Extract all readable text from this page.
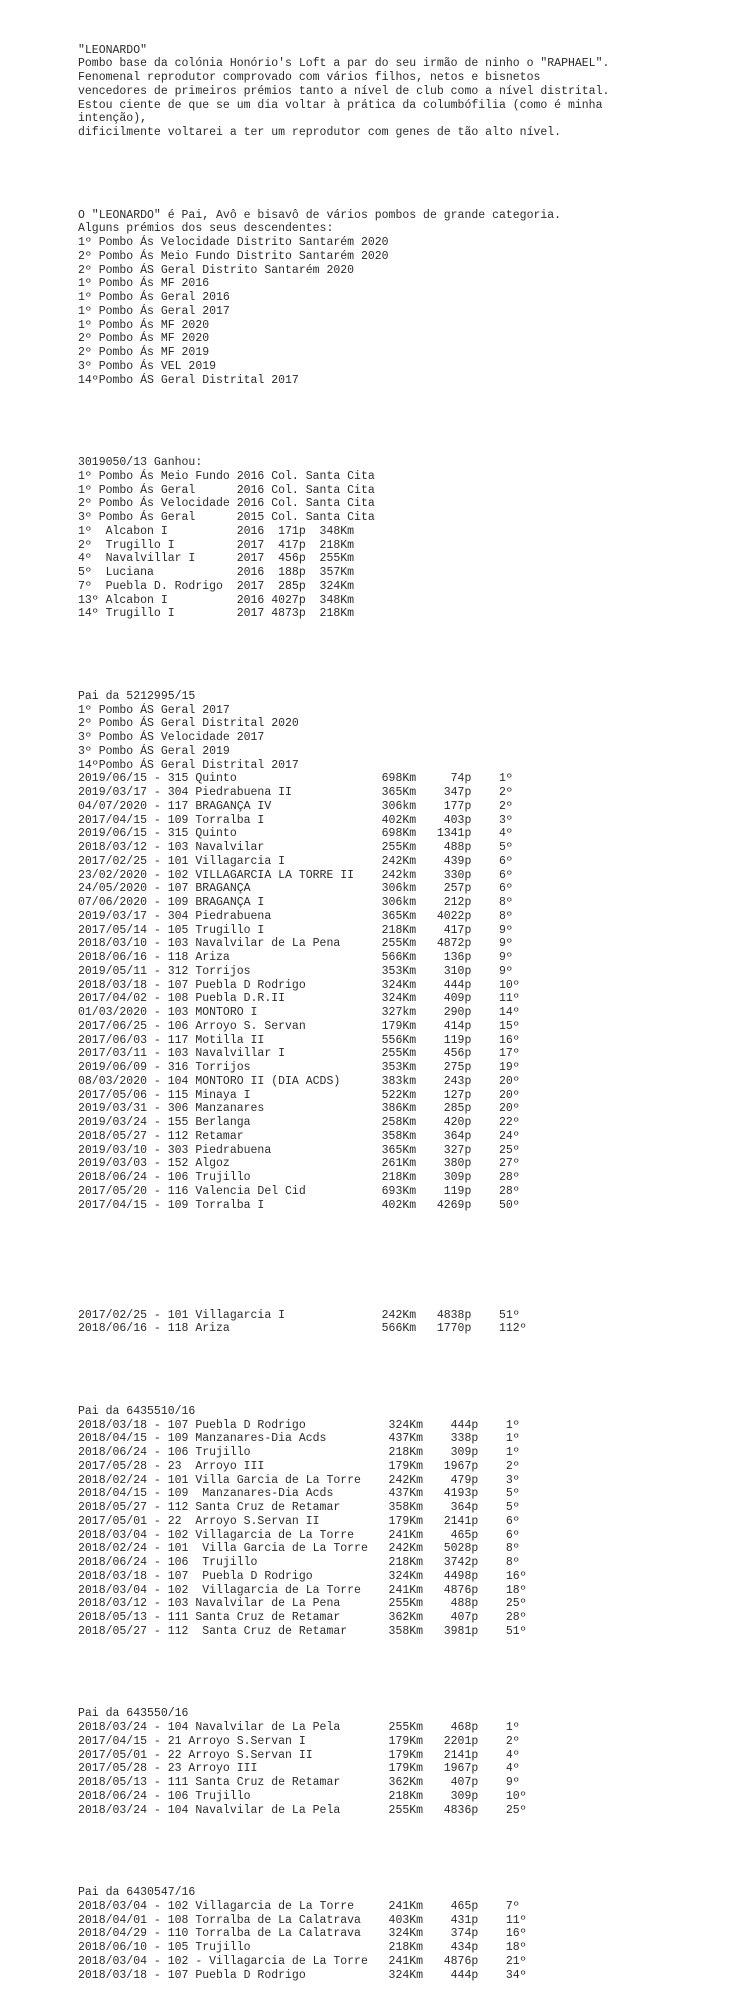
"LEONARDO"
Pombo base da colónia Honório's Loft a par do seu irmão de ninho o "RAPHAEL".
Fenomenal reprodutor comprovado com vários filhos, netos e bisnetos
vencedores de primeiros prémios tanto a nível de club como a nível distrital.
Estou ciente de que se um dia voltar à prática da columbófilia (como é minha
intenção),
dificilmente voltarei a ter um reprodutor com genes de tão alto nível.

O "LEONARDO" é Pai, Avô e bisavô de vários pombos de grande categoria.
Alguns prémios dos seus descendentes:
1º Pombo Ás Velocidade Distrito Santarém 2020
2º Pombo Ás Meio Fundo Distrito Santarém 2020
2º Pombo ÁS Geral Distrito Santarém 2020
1º Pombo Ás MF 2016
1º Pombo Ás Geral 2016
1º Pombo Ás Geral 2017
1º Pombo Ás MF 2020
2º Pombo Ás MF 2020
2º Pombo Ás MF 2019
3º Pombo Ás VEL 2019
14ºPombo ÁS Geral Distrital 2017

3019050/13 Ganhou:
1º Pombo Ás Meio Fundo 2016 Col. Santa Cita
1º Pombo Ás Geral      2016 Col. Santa Cita
2º Pombo Ás Velocidade 2016 Col. Santa Cita
3º Pombo Ás Geral      2015 Col. Santa Cita
1º  Alcabon I          2016  171p  348Km
2º  Trugillo I         2017  417p  218Km
4º  Navalvillar I      2017  456p  255Km
5º  Luciana            2016  188p  357Km
7º  Puebla D. Rodrigo  2017  285p  324Km
13º Alcabon I          2016 4027p  348Km
14º Trugillo I         2017 4873p  218Km

Pai da 5212995/15
1º Pombo ÁS Geral 2017
2º Pombo ÁS Geral Distrital 2020
3º Pombo ÁS Velocidade 2017
3º Pombo ÁS Geral 2019
14ºPombo ÁS Geral Distrital 2017
2019/06/15 - 315 Quinto                     698Km     74p    1º
2019/03/17 - 304 Piedrabuena II             365Km    347p    2º
04/07/2020 - 117 BRAGANÇA IV                306km    177p    2º
2017/04/15 - 109 Torralba I                 402Km    403p    3º
2019/06/15 - 315 Quinto                     698Km   1341p    4º
2018/03/12 - 103 Navalvilar                 255Km    488p    5º
2017/02/25 - 101 Villagarcia I              242Km    439p    6º
23/02/2020 - 102 VILLAGARCIA LA TORRE II    242km    330p    6º
24/05/2020 - 107 BRAGANÇA                   306km    257p    6º
07/06/2020 - 109 BRAGANÇA I                 306km    212p    8º
2019/03/17 - 304 Piedrabuena                365Km   4022p    8º
2017/05/14 - 105 Trugillo I                 218Km    417p    9º
2018/03/10 - 103 Navalvilar de La Pena      255Km   4872p    9º
2018/06/16 - 118 Ariza                      566Km    136p    9º
2019/05/11 - 312 Torrijos                   353Km    310p    9º
2018/03/18 - 107 Puebla D Rodrigo           324Km    444p    10º
2017/04/02 - 108 Puebla D.R.II              324Km    409p    11º
01/03/2020 - 103 MONTORO I                  327km    290p    14º
2017/06/25 - 106 Arroyo S. Servan           179Km    414p    15º
2017/06/03 - 117 Motilla II                 556Km    119p    16º
2017/03/11 - 103 Navalvillar I              255Km    456p    17º
2019/06/09 - 316 Torrijos                   353Km    275p    19º
08/03/2020 - 104 MONTORO II (DIA ACDS)      383km    243p    20º
2017/05/06 - 115 Minaya I                   522Km    127p    20º
2019/03/31 - 306 Manzanares                 386Km    285p    20º
2019/03/24 - 155 Berlanga                   258Km    420p    22º
2018/05/27 - 112 Retamar                    358Km    364p    24º
2019/03/10 - 303 Piedrabuena                365Km    327p    25º
2019/03/03 - 152 Algoz                      261Km    380p    27º
2018/06/24 - 106 Trujillo                   218Km    309p    28º
2017/05/20 - 116 Valencia Del Cid           693Km    119p    28º
2017/04/15 - 109 Torralba I                 402Km   4269p    50º

2017/02/25 - 101 Villagarcia I              242Km   4838p    51º
2018/06/16 - 118 Ariza                      566Km   1770p    112º

Pai da 6435510/16
2018/03/18 - 107 Puebla D Rodrigo            324Km    444p    1º
2018/04/15 - 109 Manzanares-Dia Acds         437Km    338p    1º
2018/06/24 - 106 Trujillo                    218Km    309p    1º
2017/05/28 - 23  Arroyo III                  179Km   1967p    2º
2018/02/24 - 101 Villa Garcia de La Torre    242Km    479p    3º
2018/04/15 - 109  Manzanares-Dia Acds        437Km   4193p    5º
2018/05/27 - 112 Santa Cruz de Retamar       358Km    364p    5º
2017/05/01 - 22  Arroyo S.Servan II          179Km   2141p    6º
2018/03/04 - 102 Villagarcia de La Torre     241Km    465p    6º
2018/02/24 - 101  Villa Garcia de La Torre   242Km   5028p    8º
2018/06/24 - 106  Trujillo                   218Km   3742p    8º
2018/03/18 - 107  Puebla D Rodrigo           324Km   4498p    16º
2018/03/04 - 102  Villagarcia de La Torre    241Km   4876p    18º
2018/03/12 - 103 Navalvilar de La Pena       255Km    488p    25º
2018/05/13 - 111 Santa Cruz de Retamar       362Km    407p    28º
2018/05/27 - 112  Santa Cruz de Retamar      358Km   3981p    51º

Pai da 643550/16
2018/03/24 - 104 Navalvilar de La Pela       255Km    468p    1º
2017/04/15 - 21 Arroyo S.Servan I            179Km   2201p    2º
2017/05/01 - 22 Arroyo S.Servan II           179Km   2141p    4º
2017/05/28 - 23 Arroyo III                   179Km   1967p    4º
2018/05/13 - 111 Santa Cruz de Retamar       362Km    407p    9º
2018/06/24 - 106 Trujillo                    218Km    309p    10º
2018/03/24 - 104 Navalvilar de La Pela       255Km   4836p    25º

Pai da 6430547/16
2018/03/04 - 102 Villagarcia de La Torre     241Km    465p    7º
2018/04/01 - 108 Torralba de La Calatrava    403Km    431p    11º
2018/04/29 - 110 Torralba de La Calatrava    324Km    374p    16º
2018/06/10 - 105 Trujillo                    218Km    434p    18º
2018/03/04 - 102 - Villagarcia de La Torre   241Km   4876p    21º
2018/03/18 - 107 Puebla D Rodrigo            324Km    444p    34º
